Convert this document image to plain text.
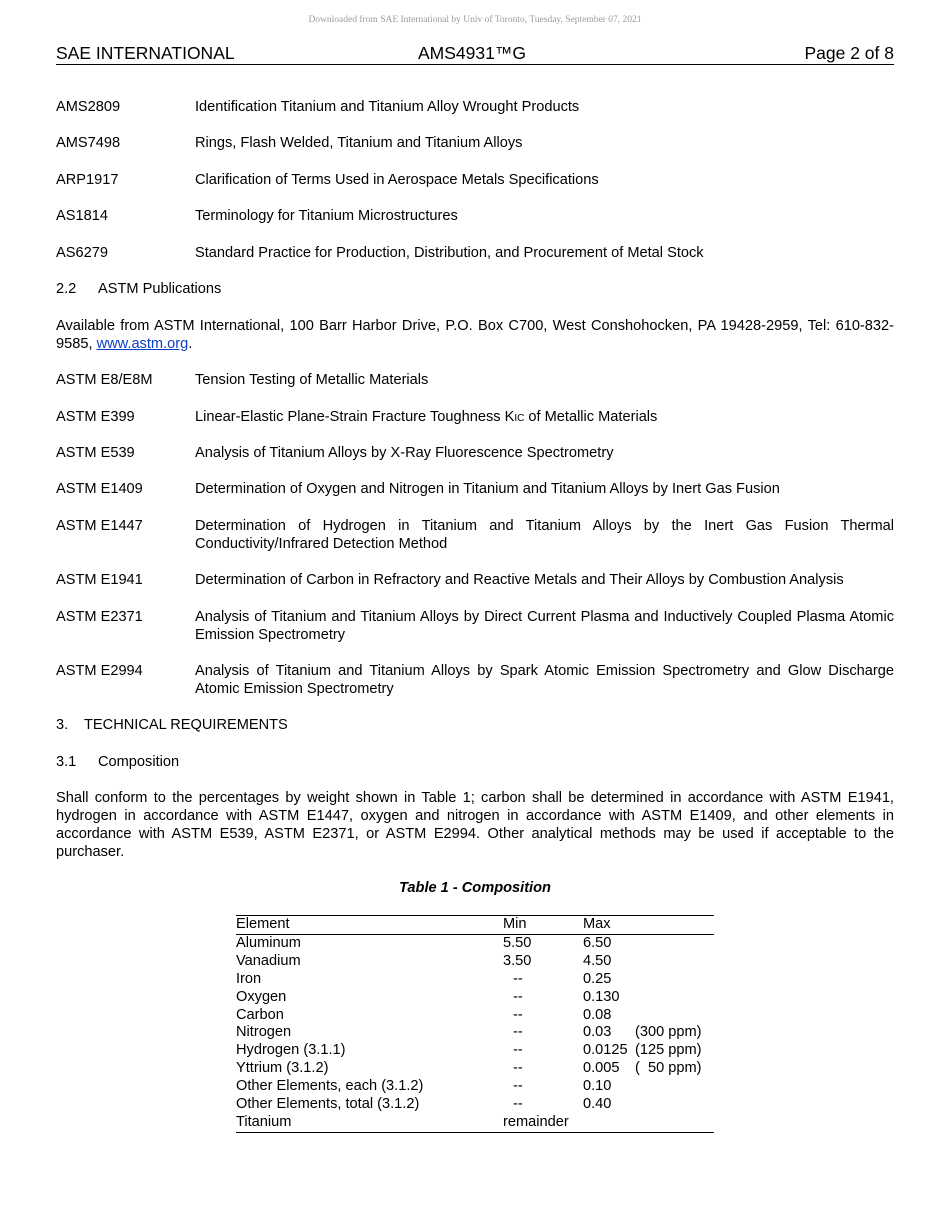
Downloaded from SAE International by Univ of Toronto, Tuesday, September 07, 2021
SAE INTERNATIONAL	AMS4931™G	Page 2 of 8
AMS2809	Identification Titanium and Titanium Alloy Wrought Products
AMS7498	Rings, Flash Welded, Titanium and Titanium Alloys
ARP1917	Clarification of Terms Used in Aerospace Metals Specifications
AS1814	Terminology for Titanium Microstructures
AS6279	Standard Practice for Production, Distribution, and Procurement of Metal Stock
2.2 ASTM Publications
Available from ASTM International, 100 Barr Harbor Drive, P.O. Box C700, West Conshohocken, PA 19428-2959, Tel: 610-832-9585, www.astm.org.
ASTM E8/E8M	Tension Testing of Metallic Materials
ASTM E399	Linear-Elastic Plane-Strain Fracture Toughness KIC of Metallic Materials
ASTM E539	Analysis of Titanium Alloys by X-Ray Fluorescence Spectrometry
ASTM E1409	Determination of Oxygen and Nitrogen in Titanium and Titanium Alloys by Inert Gas Fusion
ASTM E1447	Determination of Hydrogen in Titanium and Titanium Alloys by the Inert Gas Fusion Thermal Conductivity/Infrared Detection Method
ASTM E1941	Determination of Carbon in Refractory and Reactive Metals and Their Alloys by Combustion Analysis
ASTM E2371	Analysis of Titanium and Titanium Alloys by Direct Current Plasma and Inductively Coupled Plasma Atomic Emission Spectrometry
ASTM E2994	Analysis of Titanium and Titanium Alloys by Spark Atomic Emission Spectrometry and Glow Discharge Atomic Emission Spectrometry
3. TECHNICAL REQUIREMENTS
3.1 Composition
Shall conform to the percentages by weight shown in Table 1; carbon shall be determined in accordance with ASTM E1941, hydrogen in accordance with ASTM E1447, oxygen and nitrogen in accordance with ASTM E1409, and other elements in accordance with ASTM E539, ASTM E2371, or ASTM E2994. Other analytical methods may be used if acceptable to the purchaser.
Table 1 - Composition
Element	Min	Max
Aluminum	5.50	6.50
Vanadium	3.50	4.50
Iron	--	0.25
Oxygen	--	0.130
Carbon	--	0.08
Nitrogen	--	0.03 (300 ppm)
Hydrogen (3.1.1)	--	0.0125 (125 ppm)
Yttrium (3.1.2)	--	0.005 (  50 ppm)
Other Elements, each (3.1.2)	--	0.10
Other Elements, total (3.1.2)	--	0.40
Titanium	remainder	
